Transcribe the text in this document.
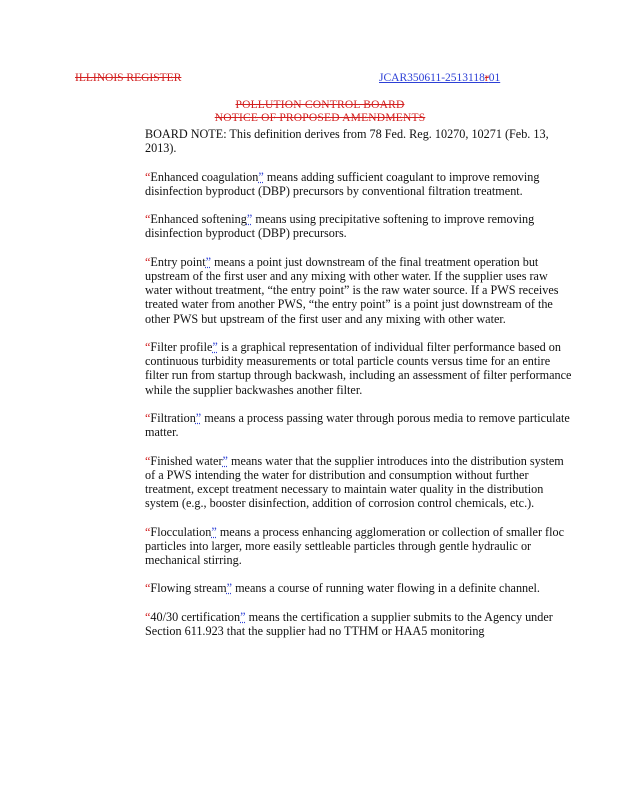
ILLINOIS REGISTER	JCAR350611-2513118r01
POLLUTION CONTROL BOARD
NOTICE OF PROPOSED AMENDMENTS

BOARD NOTE: This definition derives from 78 Fed. Reg. 10270, 10271 (Feb. 13, 2013).

“Enhanced coagulation” means adding sufficient coagulant to improve removing disinfection byproduct (DBP) precursors by conventional filtration treatment.

“Enhanced softening” means using precipitative softening to improve removing disinfection byproduct (DBP) precursors.

“Entry point” means a point just downstream of the final treatment operation but upstream of the first user and any mixing with other water. If the supplier uses raw water without treatment, “the entry point” is the raw water source. If a PWS receives treated water from another PWS, “the entry point” is a point just downstream of the other PWS but upstream of the first user and any mixing with other water.

“Filter profile” is a graphical representation of individual filter performance based on continuous turbidity measurements or total particle counts versus time for an entire filter run from startup through backwash, including an assessment of filter performance while the supplier backwashes another filter.

“Filtration” means a process passing water through porous media to remove particulate matter.

“Finished water” means water that the supplier introduces into the distribution system of a PWS intending the water for distribution and consumption without further treatment, except treatment necessary to maintain water quality in the distribution system (e.g., booster disinfection, addition of corrosion control chemicals, etc.).

“Flocculation” means a process enhancing agglomeration or collection of smaller floc particles into larger, more easily settleable particles through gentle hydraulic or mechanical stirring.

“Flowing stream” means a course of running water flowing in a definite channel.

“40/30 certification” means the certification a supplier submits to the Agency under Section 611.923 that the supplier had no TTHM or HAA5 monitoring
